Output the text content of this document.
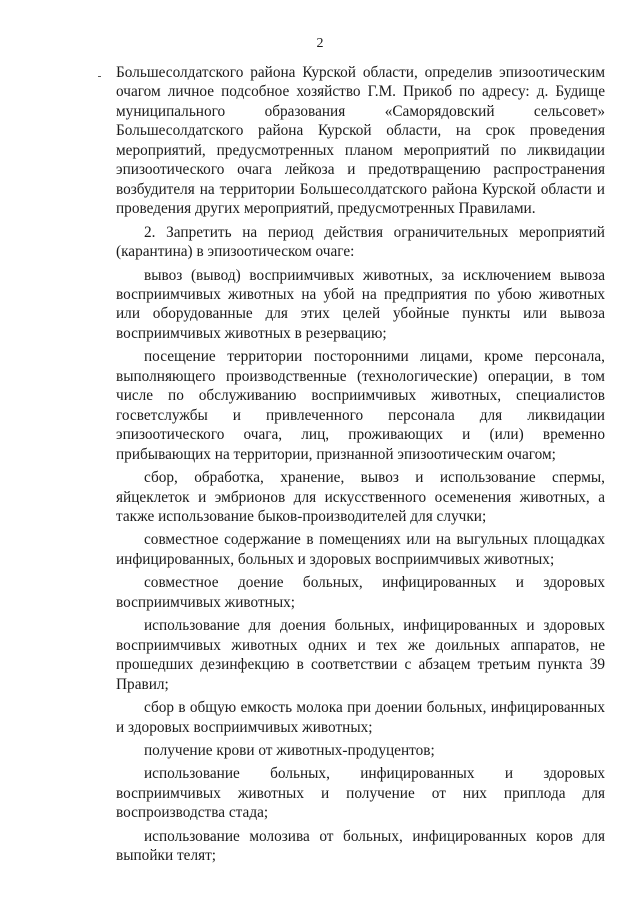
2

Большесолдатского района Курской области, определив эпизоотическим очагом личное подсобное хозяйство Г.М. Прикоб по адресу: д. Будище муниципального образования «Саморядовский сельсовет» Большесолдатского района Курской области, на срок проведения мероприятий, предусмотренных планом мероприятий по ликвидации эпизоотического очага лейкоза и предотвращению распространения возбудителя на территории Большесолдатского района Курской области и проведения других мероприятий, предусмотренных Правилами.

2. Запретить на период действия ограничительных мероприятий (карантина) в эпизоотическом очаге:

вывоз (вывод) восприимчивых животных, за исключением вывоза восприимчивых животных на убой на предприятия по убою животных или оборудованные для этих целей убойные пункты или вывоза восприимчивых животных в резервацию;

посещение территории посторонними лицами, кроме персонала, выполняющего производственные (технологические) операции, в том числе по обслуживанию восприимчивых животных, специалистов госветслужбы и привлеченного персонала для ликвидации эпизоотического очага, лиц, проживающих и (или) временно прибывающих на территории, признанной эпизоотическим очагом;

сбор, обработка, хранение, вывоз и использование спермы, яйцеклеток и эмбрионов для искусственного осеменения животных, а также использование быков-производителей для случки;

совместное содержание в помещениях или на выгульных площадках инфицированных, больных и здоровых восприимчивых животных;

совместное доение больных, инфицированных и здоровых восприимчивых животных;

использование для доения больных, инфицированных и здоровых восприимчивых животных одних и тех же доильных аппаратов, не прошедших дезинфекцию в соответствии с абзацем третьим пункта 39 Правил;

сбор в общую емкость молока при доении больных, инфицированных и здоровых восприимчивых животных;

получение крови от животных-продуцентов;

использование больных, инфицированных и здоровых восприимчивых животных и получение от них приплода для воспроизводства стада;

использование молозива от больных, инфицированных коров для выпойки телят;
